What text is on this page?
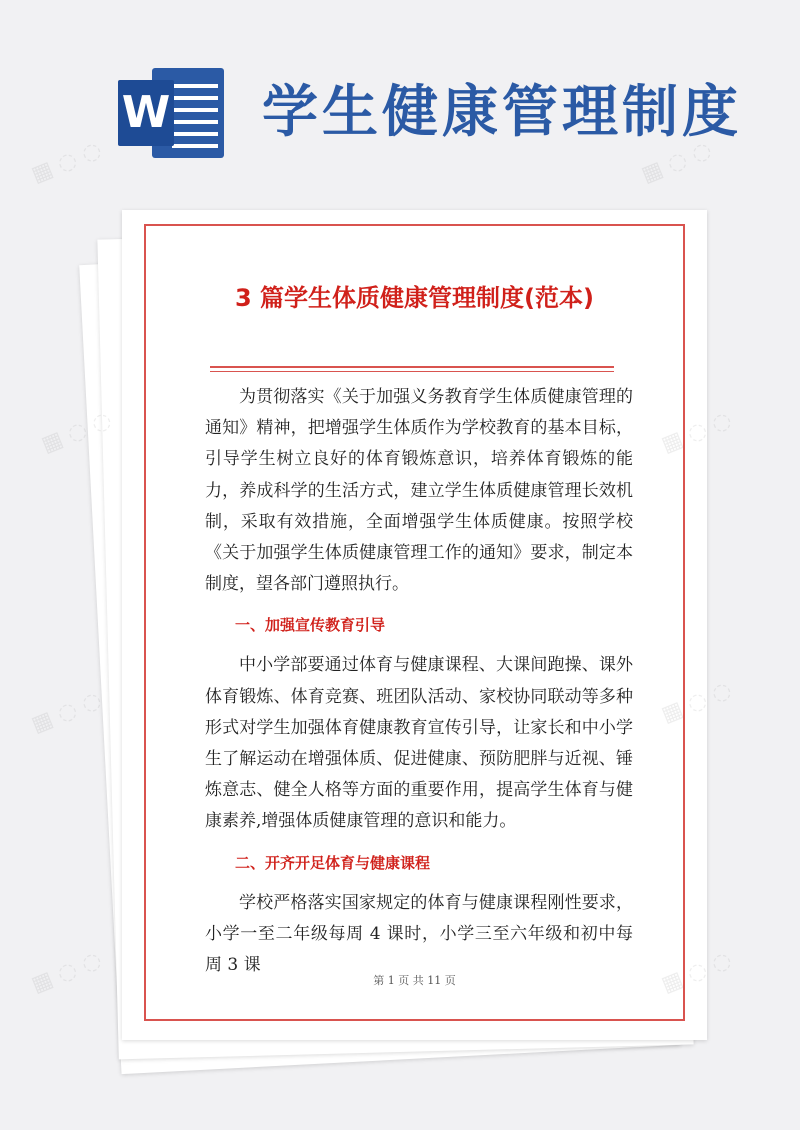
W 学生健康管理制度
3 篇学生体质健康管理制度(范本)

为贯彻落实《关于加强义务教育学生体质健康管理的通知》精神，把增强学生体质作为学校教育的基本目标，引导学生树立良好的体育锻炼意识，培养体育锻炼的能力，养成科学的生活方式，建立学生体质健康管理长效机制，采取有效措施，全面增强学生体质健康。按照学校《关于加强学生体质健康管理工作的通知》要求，制定本制度，望各部门遵照执行。

一、加强宣传教育引导

中小学部要通过体育与健康课程、大课间跑操、课外体育锻炼、体育竞赛、班团队活动、家校协同联动等多种形式对学生加强体育健康教育宣传引导，让家长和中小学生了解运动在增强体质、促进健康、预防肥胖与近视、锤炼意志、健全人格等方面的重要作用，提高学生体育与健康素养,增强体质健康管理的意识和能力。

二、开齐开足体育与健康课程

学校严格落实国家规定的体育与健康课程刚性要求，小学一至二年级每周 4 课时，小学三至六年级和初中每周 3 课

第 1 页 共 11 页
▦ ◌ ◌	▦ ◌ ◌
▦ ◌ ◌	◌
▦ ◌ ◌	◌
▦ ◌ ◌	◌
